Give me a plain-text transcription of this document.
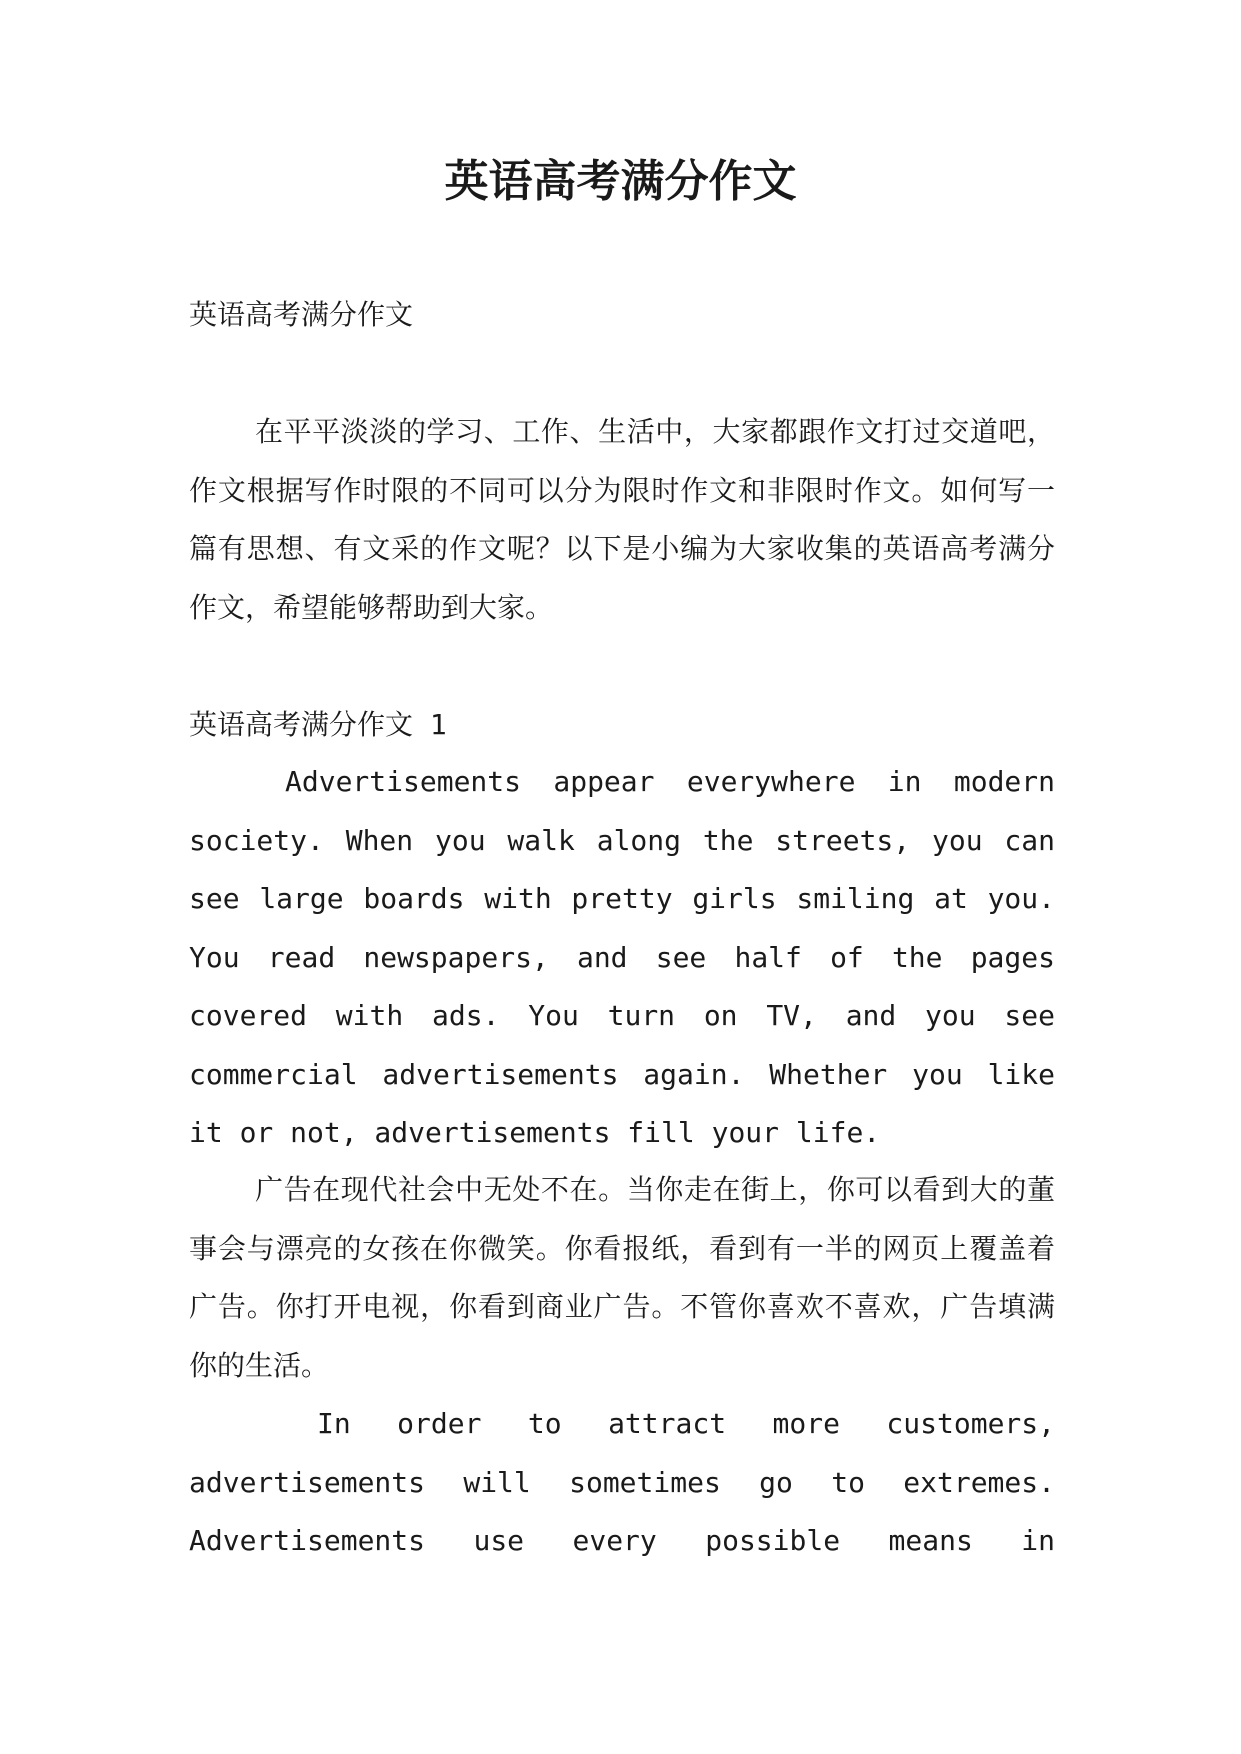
英语高考满分作文

英语高考满分作文

在平平淡淡的学习、工作、生活中，大家都跟作文打过交道吧，作文根据写作时限的不同可以分为限时作文和非限时作文。如何写一篇有思想、有文采的作文呢？以下是小编为大家收集的英语高考满分作文，希望能够帮助到大家。

英语高考满分作文 1

Advertisements appear everywhere in modern society. When you walk along the streets, you can see large boards with pretty girls smiling at you. You read newspapers, and see half of the pages covered with ads. You turn on TV, and you see commercial advertisements again. Whether you like it or not, advertisements fill your life.

广告在现代社会中无处不在。当你走在街上，你可以看到大的董事会与漂亮的女孩在你微笑。你看报纸，看到有一半的网页上覆盖着广告。你打开电视，你看到商业广告。不管你喜欢不喜欢，广告填满你的生活。

In order to attract more customers, advertisements will sometimes go to extremes. Advertisements use every possible means in
